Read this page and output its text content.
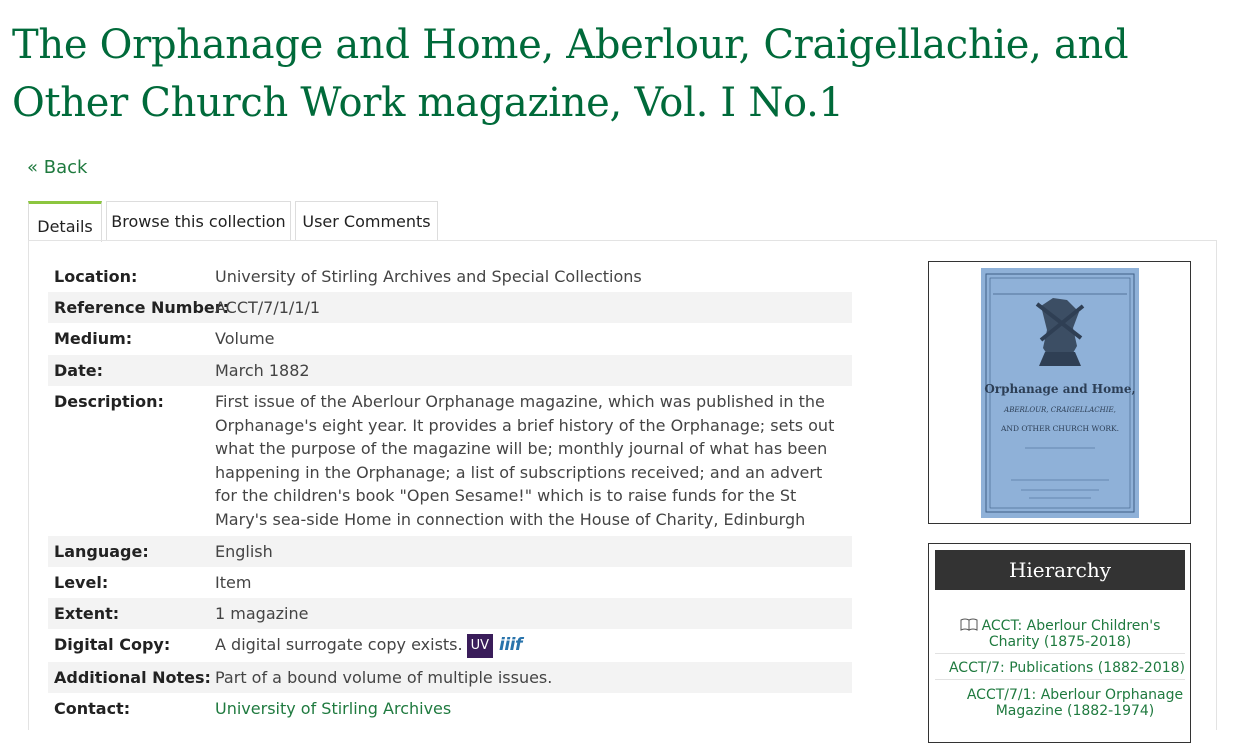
The Orphanage and Home, Aberlour, Craigellachie, and Other Church Work magazine, Vol. I No.1
« Back
Details	Browse this collection	User Comments
Location:	University of Stirling Archives and Special Collections
Reference Number:
ACCT/7/1/1/1
Medium:	Volume
Date:	March 1882
Description:	First issue of the Aberlour Orphanage magazine, which was published in the Orphanage's eight year. It provides a brief history of the Orphanage; sets out what the purpose of the magazine will be; monthly journal of what has been happening in the Orphanage; a list of subscriptions received; and an advert for the children's book "Open Sesame!" which is to raise funds for the St Mary's sea-side Home in connection with the House of Charity, Edinburgh
Language:	English
Level:	Item
Extent:	1 magazine
Digital Copy:	A digital surrogate copy exists. UV iiif
Additional Notes: Part of a bound volume of multiple issues.
Contact:	University of Stirling Archives
Orphanage and Home,
ABERLOUR, CRAIGELLACHIE,
AND OTHER CHURCH WORK.
Hierarchy
ACCT: Aberlour Children's Charity (1875-2018)
ACCT/7: Publications (1882-2018)
ACCT/7/1: Aberlour Orphanage Magazine (1882-1974)
